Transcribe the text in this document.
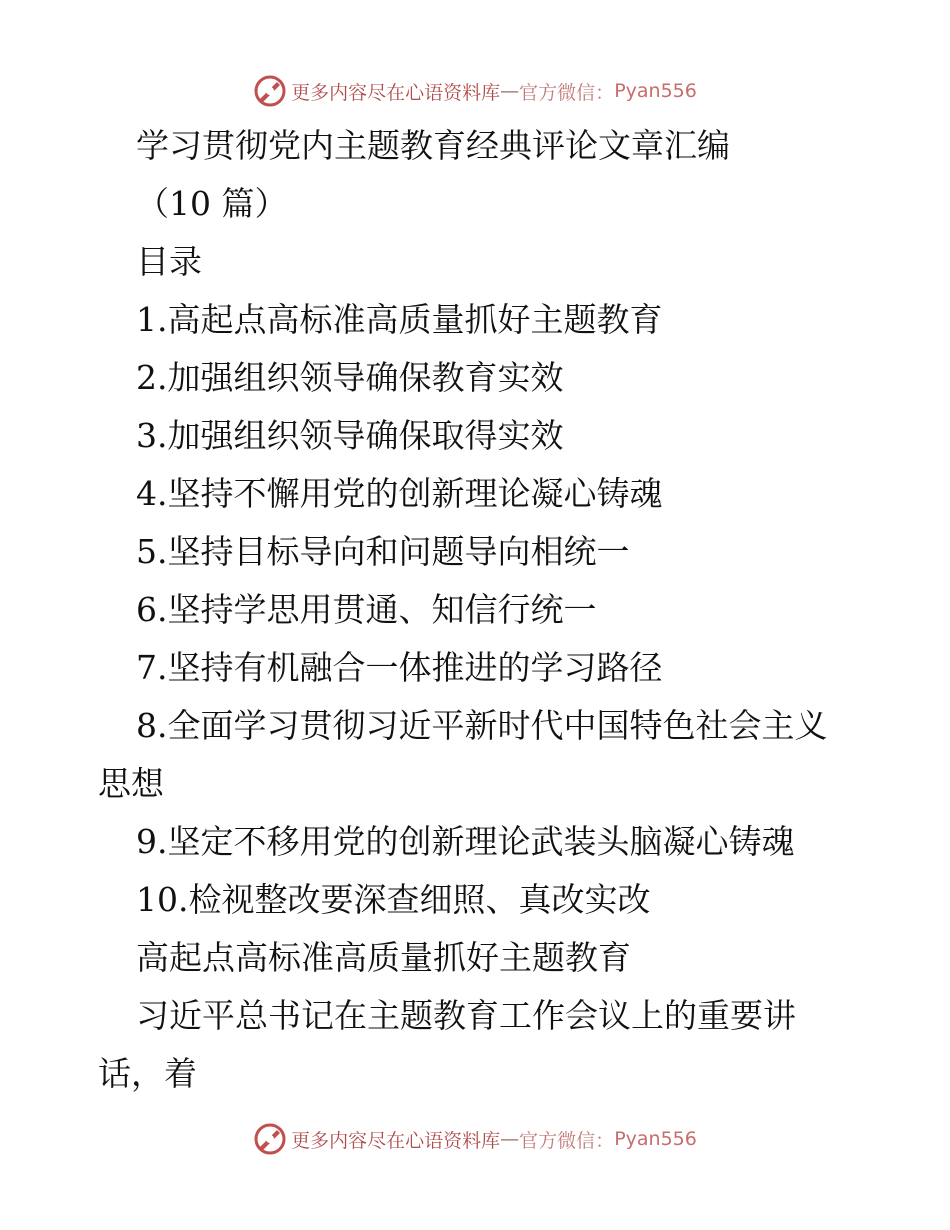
更多内容尽在心语资料库 — 官方微信： Pyan556

学习贯彻党内主题教育经典评论文章汇编

（10 篇）

目录

1.高起点高标准高质量抓好主题教育

2.加强组织领导确保教育实效

3.加强组织领导确保取得实效

4.坚持不懈用党的创新理论凝心铸魂

5.坚持目标导向和问题导向相统一

6.坚持学思用贯通、知信行统一

7.坚持有机融合一体推进的学习路径

8.全面学习贯彻习近平新时代中国特色社会主义

思想

9.坚定不移用党的创新理论武装头脑凝心铸魂

10.检视整改要深查细照、真改实改

高起点高标准高质量抓好主题教育

习近平总书记在主题教育工作会议上的重要讲

话，着

更多内容尽在心语资料库 — 官方微信： Pyan556
